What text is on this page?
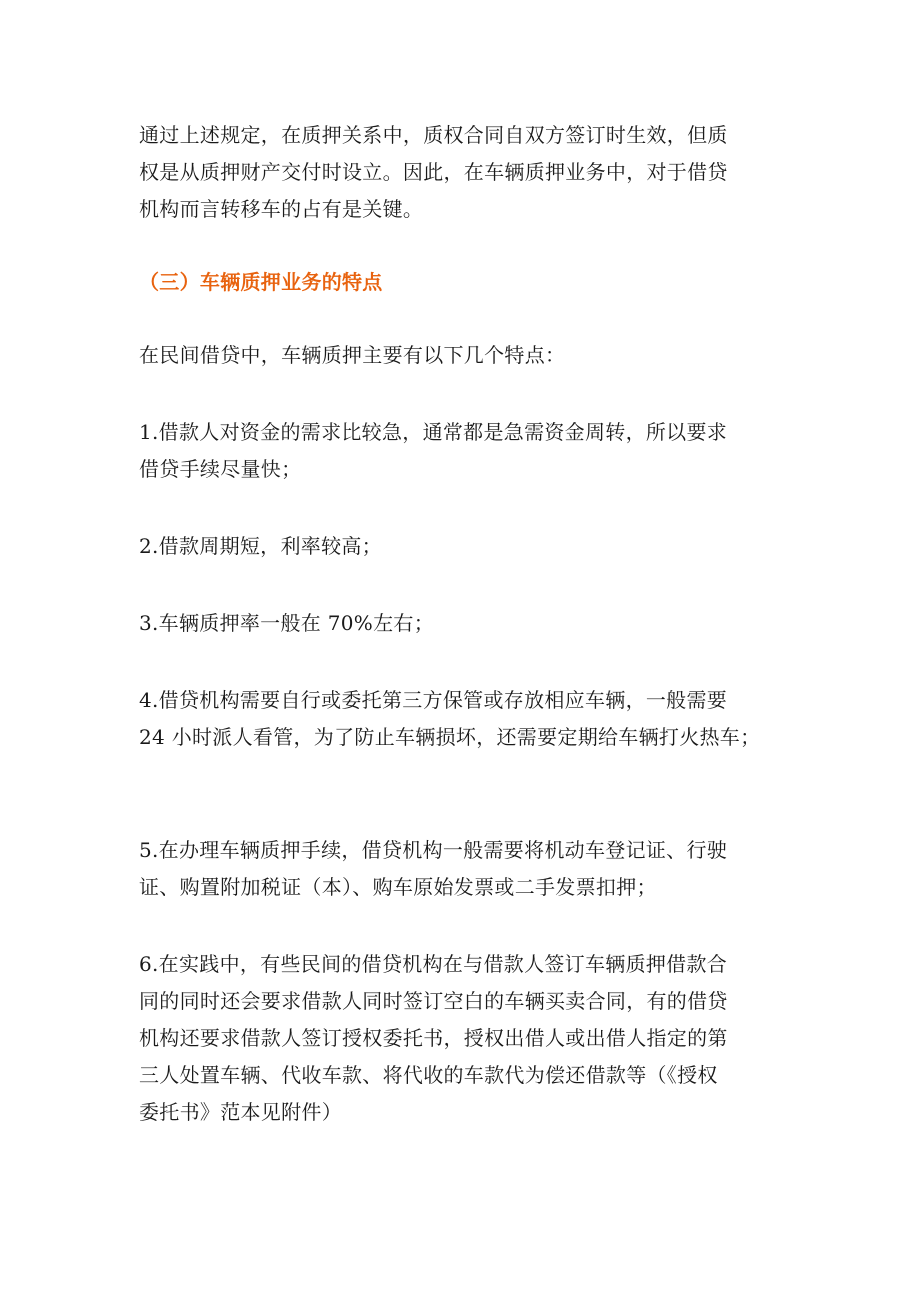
通过上述规定，在质押关系中，质权合同自双方签订时生效，但质
权是从质押财产交付时设立。因此，在车辆质押业务中，对于借贷
机构而言转移车的占有是关键。

（三）车辆质押业务的特点

在民间借贷中，车辆质押主要有以下几个特点：

1.借款人对资金的需求比较急，通常都是急需资金周转，所以要求
借贷手续尽量快；

2.借款周期短，利率较高；

3.车辆质押率一般在 70%左右；

4.借贷机构需要自行或委托第三方保管或存放相应车辆，一般需要
24 小时派人看管，为了防止车辆损坏，还需要定期给车辆打火热车；

5.在办理车辆质押手续，借贷机构一般需要将机动车登记证、行驶
证、购置附加税证（本）、购车原始发票或二手发票扣押；

6.在实践中，有些民间的借贷机构在与借款人签订车辆质押借款合
同的同时还会要求借款人同时签订空白的车辆买卖合同，有的借贷
机构还要求借款人签订授权委托书，授权出借人或出借人指定的第
三人处置车辆、代收车款、将代收的车款代为偿还借款等（《授权
委托书》范本见附件）
